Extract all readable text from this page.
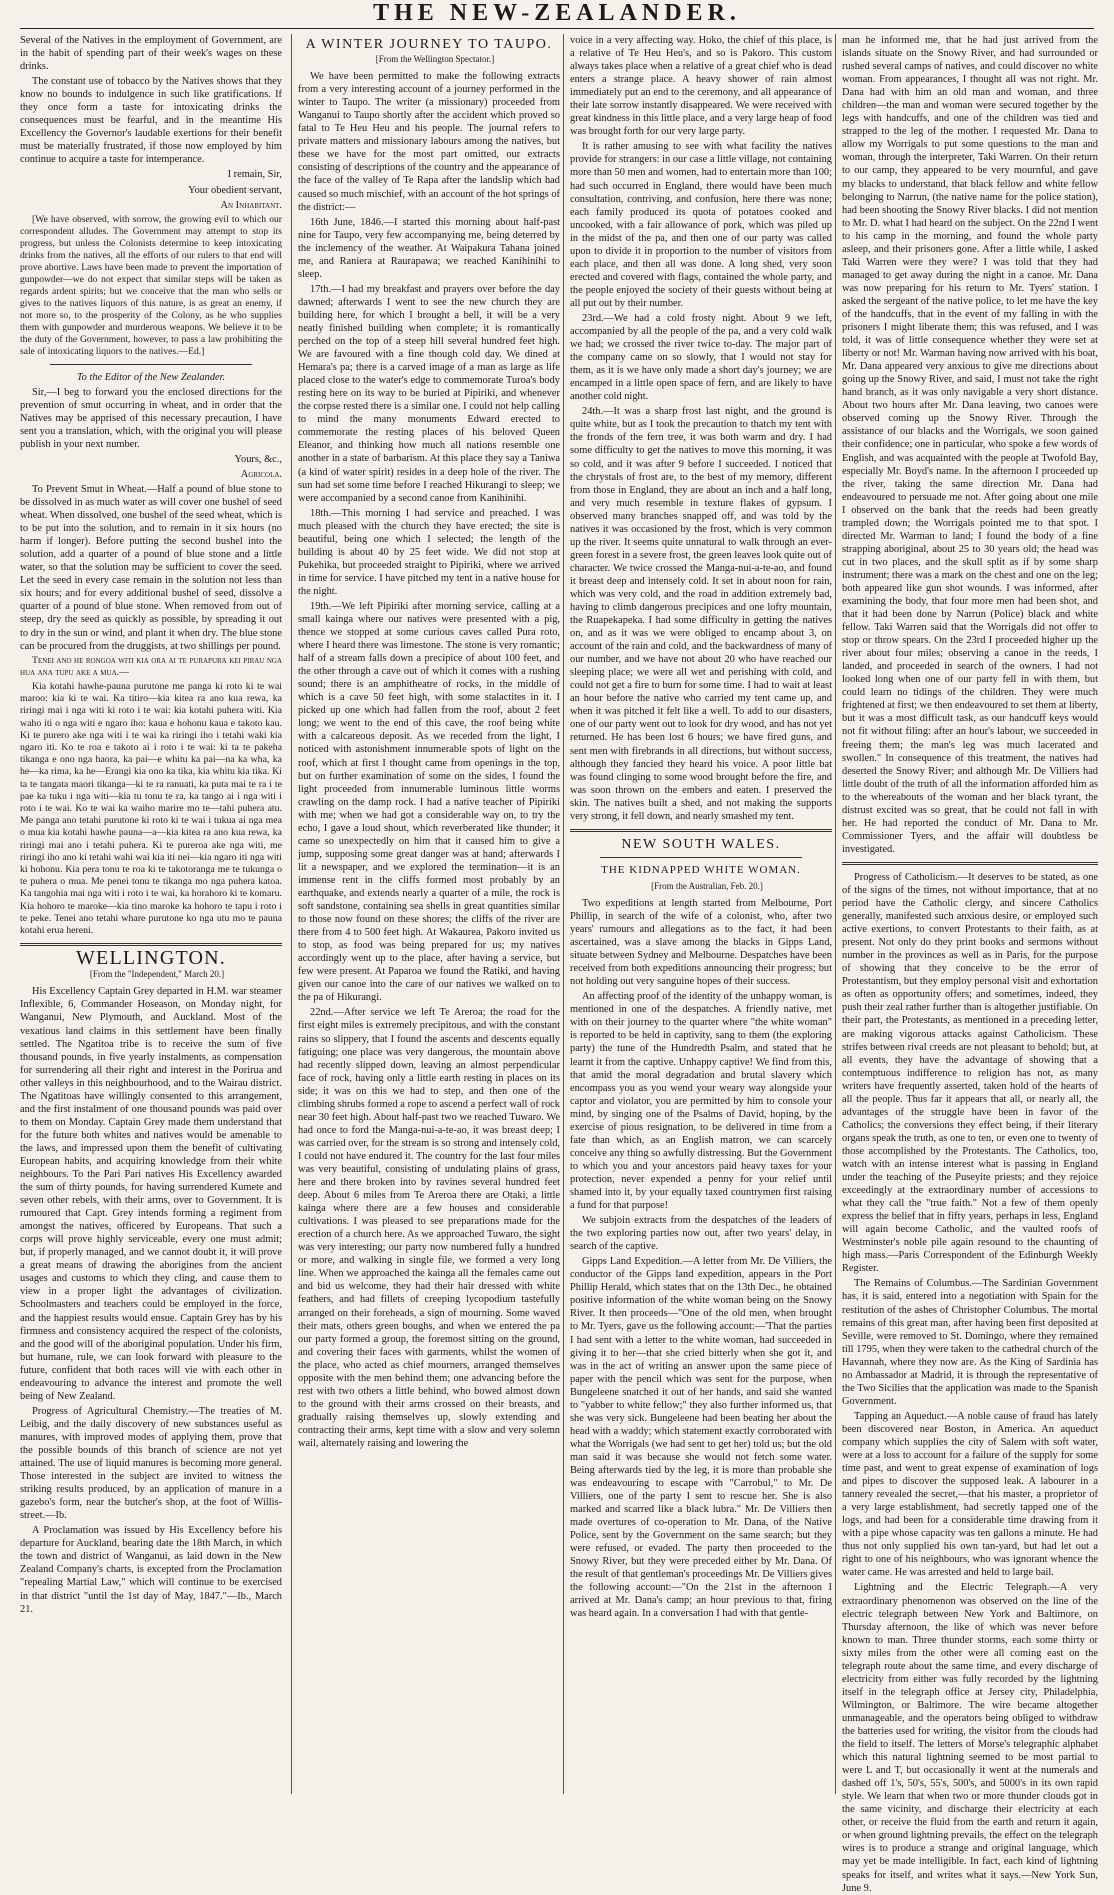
THE NEW-ZEALANDER.

Several of the Natives in the employment of Government, are in the habit of spending part of their week's wages on these drinks.

The constant use of tobacco by the Natives shows that they know no bounds to indulgence in such like gratifications. If they once form a taste for intoxicating drinks the consequences must be fearful, and in the meantime His Excellency the Governor's laudable exertions for their benefit must be materially frustrated, if those now employed by him continue to acquire a taste for intemperance.

I remain, Sir,

Your obedient servant,

An Inhabitant.

[We have observed, with sorrow, the growing evil to which our correspondent alludes. The Government may attempt to stop its progress, but unless the Colonists determine to keep intoxicating drinks from the natives, all the efforts of our rulers to that end will prove abortive. Laws have been made to prevent the importation of gunpowder—we do not expect that similar steps will be taken as regards ardent spirits; but we conceive that the man who sells or gives to the natives liquors of this nature, is as great an enemy, if not more so, to the prosperity of the Colony, as he who supplies them with gunpowder and murderous weapons. We believe it to be the duty of the Government, however, to pass a law prohibiting the sale of intoxicating liquors to the natives.—Ed.]

To the Editor of the New Zealander.

Sir,—I beg to forward you the enclosed directions for the prevention of smut occurring in wheat, and in order that the Natives may be apprised of this necessary precaution, I have sent you a translation, which, with the original you will please publish in your next number.

Yours, &c.,

Agricola.

To Prevent Smut in Wheat.—Half a pound of blue stone to be dissolved in as much water as will cover one bushel of seed wheat. When dissolved, one bushel of the seed wheat, which is to be put into the solution, and to remain in it six hours (no harm if longer). Before putting the second bushel into the solution, add a quarter of a pound of blue stone and a little water, so that the solution may be sufficient to cover the seed. Let the seed in every case remain in the solution not less than six hours; and for every additional bushel of seed, dissolve a quarter of a pound of blue stone. When removed from out of steep, dry the seed as quickly as possible, by spreading it out to dry in the sun or wind, and plant it when dry. The blue stone can be procured from the druggists, at two shillings per pound.

Tenei ano he rongoa witi kia ora ai te purapura kei pirau nga hua ana tupu ake a mua.—

Kia kotahi hawhe-pauna purutone me panga ki roto ki te wai maroo: kia ki te wai. Ka titiro—kia kitea ra ano kua rewa, ka riringi mai i nga witi ki roto i te wai: kia kotahi puhera witi. Kia waho iti o nga witi e ngaro iho: kaua e hohonu kaua e takoto kau. Ki te purero ake nga witi i te wai ka riringi iho i tetahi waki kia ngaro iti. Ko te roa e takoto ai i roto i te wai: ki ta te pakeha tikanga e ono nga haora, ka pai—e whitu ka pai—na ka wha, ka he—ka rima, ka he—Erangi kia ono ka tika, kia whitu kia tika. Ki ta te tangata maori tikanga—ki te ra ranuati, ka puta mai te ra i te pae ka tuku i nga witi—kia tu tonu te ra, ka tango ai i nga witi i roto i te wai. Ko te wai ka waiho marire mo te—tahi puhera atu. Me panga ano tetahi purutone ki roto ki te wai i tukua ai nga mea o mua kia kotahi hawhe pauna—a—kia kitea ra ano kua rewa, ka riringi mai ano i tetahi puhera. Ki te pureroa ake nga witi, me riringi iho ano ki tetahi wahi wai kia iti nei—kia ngaro iti nga witi ki hohonu. Kia pera tonu te roa ki te takotoranga me te tukunga o te puhera o mua. Me penei tonu te tikanga mo nga puhera katoa. Ka tangohia mai nga witi i roto i te wai, ka horahoro ki te komaru. Kia hohoro te maroke—kia tino maroke ka hohoro te tapu i roto i te peke. Tenei ano tetahi whare purutone ko nga utu mo te pauna kotahi erua hereni.

WELLINGTON.

[From the "Independent," March 20.]

His Excellency Captain Grey departed in H.M. war steamer Inflexible, 6, Commander Hoseason, on Monday night, for Wanganui, New Plymouth, and Auckland. Most of the vexatious land claims in this settlement have been finally settled. The Ngatitoa tribe is to receive the sum of five thousand pounds, in five yearly instalments, as compensation for surrendering all their right and interest in the Porirua and other valleys in this neighbourhood, and to the Wairau district. The Ngatitoas have willingly consented to this arrangement, and the first instalment of one thousand pounds was paid over to them on Monday. Captain Grey made them understand that for the future both whites and natives would be amenable to the laws, and impressed upon them the benefit of cultivating European habits, and acquiring knowledge from their white neighbours. To the Pari Pari natives His Excellency awarded the sum of thirty pounds, for having surrendered Kumete and seven other rebels, with their arms, over to Government. It is rumoured that Capt. Grey intends forming a regiment from amongst the natives, officered by Europeans. That such a corps will prove highly serviceable, every one must admit; but, if properly managed, and we cannot doubt it, it will prove a great means of drawing the aborigines from the ancient usages and customs to which they cling, and cause them to view in a proper light the advantages of civilization. Schoolmasters and teachers could be employed in the force, and the happiest results would ensue. Captain Grey has by his firmness and consistency acquired the respect of the colonists, and the good will of the aboriginal population. Under his firm, but humane, rule, we can look forward with pleasure to the future, confident that both races will vie with each other in endeavouring to advance the interest and promote the well being of New Zealand.

Progress of Agricultural Chemistry.—The treaties of M. Leibig, and the daily discovery of new substances useful as manures, with improved modes of applying them, prove that the possible bounds of this branch of science are not yet attained. The use of liquid manures is becoming more general. Those interested in the subject are invited to witness the striking results produced, by an application of manure in a gazebo's form, near the butcher's shop, at the foot of Willis-street.—Ib.

A Proclamation was issued by His Excellency before his departure for Auckland, bearing date the 18th March, in which the town and district of Wanganui, as laid down in the New Zealand Company's charts, is excepted from the Proclamation "repealing Martial Law," which will continue to be exercised in that district "until the 1st day of May, 1847."—Ib., March 21.

A WINTER JOURNEY TO TAUPO.

[From the Wellington Spectator.]

We have been permitted to make the following extracts from a very interesting account of a journey performed in the winter to Taupo. The writer (a missionary) proceeded from Wanganui to Taupo shortly after the accident which proved so fatal to Te Heu Heu and his people. The journal refers to private matters and missionary labours among the natives, but these we have for the most part omitted, our extracts consisting of descriptions of the country and the appearance of the face of the valley of Te Rapa after the landslip which had caused so much mischief, with an account of the hot springs of the district:—

16th June, 1846.—I started this morning about half-past nine for Taupo, very few accompanying me, being deterred by the inclemency of the weather. At Waipakura Tahana joined me, and Raniera at Raurapawa; we reached Kanihinihi to sleep.

17th.—I had my breakfast and prayers over before the day dawned; afterwards I went to see the new church they are building here, for which I brought a bell, it will be a very neatly finished building when complete; it is romantically perched on the top of a steep hill several hundred feet high. We are favoured with a fine though cold day. We dined at Hemara's pa; there is a carved image of a man as large as life placed close to the water's edge to commemorate Turoa's body resting here on its way to be buried at Pipiriki, and whenever the corpse rested there is a similar one. I could not help calling to mind the many monuments Edward erected to commemorate the resting places of his beloved Queen Eleanor, and thinking how much all nations resemble one another in a state of barbarism. At this place they say a Taniwa (a kind of water spirit) resides in a deep hole of the river. The sun had set some time before I reached Hikurangi to sleep; we were accompanied by a second canoe from Kanihinihi.

18th.—This morning I had service and preached. I was much pleased with the church they have erected; the site is beautiful, being one which I selected; the length of the building is about 40 by 25 feet wide. We did not stop at Pukehika, but proceeded straight to Pipiriki, where we arrived in time for service. I have pitched my tent in a native house for the night.

19th.—We left Pipiriki after morning service, calling at a small kainga where our natives were presented with a pig, thence we stopped at some curious caves called Pura roto, where I heard there was limestone. The stone is very romantic; half of a stream falls down a precipice of about 100 feet, and the other through a cave out of which it comes with a rushing sound; there is an amphitheatre of rocks, in the middle of which is a cave 50 feet high, with some stalactites in it. I picked up one which had fallen from the roof, about 2 feet long; we went to the end of this cave, the roof being white with a calcareous deposit. As we receded from the light, I noticed with astonishment innumerable spots of light on the roof, which at first I thought came from openings in the top, but on further examination of some on the sides, I found the light proceeded from innumerable luminous little worms crawling on the damp rock. I had a native teacher of Pipiriki with me; when we had got a considerable way on, to try the echo, I gave a loud shout, which reverberated like thunder; it came so unexpectedly on him that it caused him to give a jump, supposing some great danger was at hand; afterwards I lit a newspaper, and we explored the termination—it is an immense rent in the cliffs formed most probably by an earthquake, and extends nearly a quarter of a mile, the rock is soft sandstone, containing sea shells in great quantities similar to those now found on these shores; the cliffs of the river are there from 4 to 500 feet high. At Wakaurea, Pakoro invited us to stop, as food was being prepared for us; my natives accordingly went up to the place, after having a service, but few were present. At Paparoa we found the Ratiki, and having given our canoe into the care of our natives we walked on to the pa of Hikurangi.

22nd.—After service we left Te Areroa; the road for the first eight miles is extremely precipitous, and with the constant rains so slippery, that I found the ascents and descents equally fatiguing; one place was very dangerous, the mountain above had recently slipped down, leaving an almost perpendicular face of rock, having only a little earth resting in places on its side; it was on this we had to step, and then one of the climbing shrubs formed a rope to ascend a perfect wall of rock near 30 feet high. About half-past two we reached Tuwaro. We had once to ford the Manga-nui-a-te-ao, it was breast deep; I was carried over, for the stream is so strong and intensely cold, I could not have endured it. The country for the last four miles was very beautiful, consisting of undulating plains of grass, here and there broken into by ravines several hundred feet deep. About 6 miles from Te Areroa there are Otaki, a little kainga where there are a few houses and considerable cultivations. I was pleased to see preparations made for the erection of a church here. As we approached Tuwaro, the sight was very interesting; our party now numbered fully a hundred or more, and walking in single file, we formed a very long line. When we approached the kainga all the females came out and bid us welcome, they had their hair dressed with white feathers, and had fillets of creeping lycopodium tastefully arranged on their foreheads, a sign of mourning. Some waved their mats, others green boughs, and when we entered the pa our party formed a group, the foremost sitting on the ground, and covering their faces with garments, whilst the women of the place, who acted as chief mourners, arranged themselves opposite with the men behind them; one advancing before the rest with two others a little behind, who bowed almost down to the ground with their arms crossed on their breasts, and gradually raising themselves up, slowly extending and contracting their arms, kept time with a slow and very solemn wail, alternately raising and lowering the

voice in a very affecting way. Hoko, the chief of this place, is a relative of Te Heu Heu's, and so is Pakoro. This custom always takes place when a relative of a great chief who is dead enters a strange place. A heavy shower of rain almost immediately put an end to the ceremony, and all appearance of their late sorrow instantly disappeared. We were received with great kindness in this little place, and a very large heap of food was brought forth for our very large party.

It is rather amusing to see with what facility the natives provide for strangers: in our case a little village, not containing more than 50 men and women, had to entertain more than 100; had such occurred in England, there would have been much consultation, contriving, and confusion, here there was none; each family produced its quota of potatoes cooked and uncooked, with a fair allowance of pork, which was piled up in the midst of the pa, and then one of our party was called upon to divide it in proportion to the number of visitors from each place, and then all was done. A long shed, very soon erected and covered with flags, contained the whole party, and the people enjoyed the society of their guests without being at all put out by their number.

23rd.—We had a cold frosty night. About 9 we left, accompanied by all the people of the pa, and a very cold walk we had; we crossed the river twice to-day. The major part of the company came on so slowly, that I would not stay for them, as it is we have only made a short day's journey; we are encamped in a little open space of fern, and are likely to have another cold night.

24th.—It was a sharp frost last night, and the ground is quite white, but as I took the precaution to thatch my tent with the fronds of the fern tree, it was both warm and dry. I had some difficulty to get the natives to move this morning, it was so cold, and it was after 9 before I succeeded. I noticed that the chrystals of frost are, to the best of my memory, different from those in England, they are about an inch and a half long, and very much resemble in texture flakes of gypsum. I observed many branches snapped off, and was told by the natives it was occasioned by the frost, which is very common up the river. It seems quite unnatural to walk through an ever-green forest in a severe frost, the green leaves look quite out of character. We twice crossed the Manga-nui-a-te-ao, and found it breast deep and intensely cold. It set in about noon for rain, which was very cold, and the road in addition extremely bad, having to climb dangerous precipices and one lofty mountain, the Ruapekapeka. I had some difficulty in getting the natives on, and as it was we were obliged to encamp about 3, on account of the rain and cold, and the backwardness of many of our number, and we have not about 20 who have reached our sleeping place; we were all wet and perishing with cold, and could not get a fire to burn for some time. I had to wait at least an hour before the native who carried my tent came up, and when it was pitched it felt like a well. To add to our disasters, one of our party went out to look for dry wood, and has not yet returned. He has been lost 6 hours; we have fired guns, and sent men with firebrands in all directions, but without success, although they fancied they heard his voice. A poor little bat was found clinging to some wood brought before the fire, and was soon thrown on the embers and eaten. I preserved the skin. The natives built a shed, and not making the supports very strong, it fell down, and nearly smashed my tent.

NEW SOUTH WALES.
THE KIDNAPPED WHITE WOMAN.

[From the Australian, Feb. 20.]

Two expeditions at length started from Melbourne, Port Phillip, in search of the wife of a colonist, who, after two years' rumours and allegations as to the fact, it had been ascertained, was a slave among the blacks in Gipps Land, situate between Sydney and Melbourne. Despatches have been received from both expeditions announcing their progress; but not holding out very sanguine hopes of their success.

An affecting proof of the identity of the unhappy woman, is mentioned in one of the despatches. A friendly native, met with on their journey to the quarter where "the white woman" is reported to be held in captivity, sang to them (the exploring party) the tune of the Hundredth Psalm, and stated that he learnt it from the captive. Unhappy captive! We find from this, that amid the moral degradation and brutal slavery which encompass you as you wend your weary way alongside your captor and violator, you are permitted by him to console your mind, by singing one of the Psalms of David, hoping, by the exercise of pious resignation, to be delivered in time from a fate than which, as an English matron, we can scarcely conceive any thing so awfully distressing. But the Government to which you and your ancestors paid heavy taxes for your protection, never expended a penny for your relief until shamed into it, by your equally taxed countrymen first raising a fund for that purpose!

We subjoin extracts from the despatches of the leaders of the two exploring parties now out, after two years' delay, in search of the captive.

Gipps Land Expedition.—A letter from Mr. De Villiers, the conductor of the Gipps land expedition, appears in the Port Phillip Herald, which states that on the 13th Dec., he obtained positive information of the white woman being on the Snowy River. It then proceeds—"One of the old men, when brought to Mr. Tyers, gave us the following account:—'That the parties I had sent with a letter to the white woman, had succeeded in giving it to her—that she cried bitterly when she got it, and was in the act of writing an answer upon the same piece of paper with the pencil which was sent for the purpose, when Bungeleene snatched it out of her hands, and said she wanted to "yabber to white fellow;" they also further informed us, that she was very sick. Bungeleene had been beating her about the head with a waddy; which statement exactly corroborated with what the Worrigals (we had sent to get her) told us; but the old man said it was because she would not fetch some water. Being afterwards tied by the leg, it is more than probable she was endeavouring to escape with "Carrobul," to Mr. De Villiers, one of the party I sent to rescue her. She is also marked and scarred like a black lubra." Mr. De Villiers then made overtures of co-operation to Mr. Dana, of the Native Police, sent by the Government on the same search; but they were refused, or evaded. The party then proceeded to the Snowy River, but they were preceded either by Mr. Dana. Of the result of that gentleman's proceedings Mr. De Villiers gives the following account:—"On the 21st in the afternoon I arrived at Mr. Dana's camp; an hour previous to that, firing was heard again. In a conversation I had with that gentle-

man he informed me, that he had just arrived from the islands situate on the Snowy River, and had surrounded or rushed several camps of natives, and could discover no white woman. From appearances, I thought all was not right. Mr. Dana had with him an old man and woman, and three children—the man and woman were secured together by the legs with handcuffs, and one of the children was tied and strapped to the leg of the mother. I requested Mr. Dana to allow my Worrigals to put some questions to the man and woman, through the interpreter, Taki Warren. On their return to our camp, they appeared to be very mournful, and gave my blacks to understand, that black fellow and white fellow belonging to Narrun, (the native name for the police station), had been shooting the Snowy River blacks. I did not mention to Mr. D. what I had heard on the subject. On the 22nd I went to his camp in the morning, and found the whole party asleep, and their prisoners gone. After a little while, I asked Taki Warren were they were? I was told that they had managed to get away during the night in a canoe. Mr. Dana was now preparing for his return to Mr. Tyers' station. I asked the sergeant of the native police, to let me have the key of the handcuffs, that in the event of my falling in with the prisoners I might liberate them; this was refused, and I was told, it was of little consequence whether they were set at liberty or not! Mr. Warman having now arrived with his boat, Mr. Dana appeared very anxious to give me directions about going up the Snowy River, and said, I must not take the right hand branch, as it was only navigable a very short distance. About two hours after Mr. Dana leaving, two canoes were observed coming up the Snowy River. Through the assistance of our blacks and the Worrigals, we soon gained their confidence; one in particular, who spoke a few words of English, and was acquainted with the people at Twofold Bay, especially Mr. Boyd's name. In the afternoon I proceeded up the river, taking the same direction Mr. Dana had endeavoured to persuade me not. After going about one mile I observed on the bank that the reeds had been greatly trampled down; the Worrigals pointed me to that spot. I directed Mr. Warman to land; I found the body of a fine strapping aboriginal, about 25 to 30 years old; the head was cut in two places, and the skull split as if by some sharp instrument; there was a mark on the chest and one on the leg; both appeared like gun shot wounds. I was informed, after examining the body, that four more men had been shot, and that it had been done by Narrun (Police) black and white fellow. Taki Warren said that the Worrigals did not offer to stop or throw spears. On the 23rd I proceeded higher up the river about four miles; observing a canoe in the reeds, I landed, and proceeded in search of the owners. I had not looked long when one of our party fell in with them, but could learn no tidings of the children. They were much frightened at first; we then endeavoured to set them at liberty, but it was a most difficult task, as our handcuff keys would not fit without filing: after an hour's labour, we succeeded in freeing them; the man's leg was much lacerated and swollen." In consequence of this treatment, the natives had deserted the Snowy River; and although Mr. De Villiers had little doubt of the truth of all the information afforded him as to the whereabouts of the woman and her black tyrant, the distrust excited was so great, that he could not fall in with her. He had reported the conduct of Mr. Dana to Mr. Commissioner Tyers, and the affair will doubtless be investigated.

Progress of Catholicism.—It deserves to be stated, as one of the signs of the times, not without importance, that at no period have the Catholic clergy, and sincere Catholics generally, manifested such anxious desire, or employed such active exertions, to convert Protestants to their faith, as at present. Not only do they print books and sermons without number in the provinces as well as in Paris, for the purpose of showing that they conceive to be the error of Protestantism, but they employ personal visit and exhortation as often as opportunity offers; and sometimes, indeed, they push their zeal rather further than is altogether justifiable. On their part, the Protestants, as mentioned in a preceding letter, are making vigorous attacks against Catholicism. These strifes between rival creeds are not pleasant to behold; but, at all events, they have the advantage of showing that a contemptuous indifference to religion has not, as many writers have frequently asserted, taken hold of the hearts of all the people. Thus far it appears that all, or nearly all, the advantages of the struggle have been in favor of the Catholics; the conversions they effect being, if their literary organs speak the truth, as one to ten, or even one to twenty of those accomplished by the Protestants. The Catholics, too, watch with an intense interest what is passing in England under the teaching of the Puseyite priests; and they rejoice exceedingly at the extraordinary number of accessions to what they call the "true faith." Not a few of them openly express the belief that in fifty years, perhaps in less, England will again become Catholic, and the vaulted roofs of Westminster's noble pile again resound to the chaunting of high mass.—Paris Correspondent of the Edinburgh Weekly Register.

The Remains of Columbus.—The Sardinian Government has, it is said, entered into a negotiation with Spain for the restitution of the ashes of Christopher Columbus. The mortal remains of this great man, after having been first deposited at Seville, were removed to St. Domingo, where they remained till 1795, when they were taken to the cathedral church of the Havannah, where they now are. As the King of Sardinia has no Ambassador at Madrid, it is through the representative of the Two Sicilies that the application was made to the Spanish Government.

Tapping an Aqueduct.—A noble cause of fraud has lately been discovered near Boston, in America. An aqueduct company which supplies the city of Salem with soft water, were at a loss to account for a failure of the supply for some time past, and went to great expense of examination of logs and pipes to discover the supposed leak. A labourer in a tannery revealed the secret,—that his master, a proprietor of a very large establishment, had secretly tapped one of the logs, and had been for a considerable time drawing from it with a pipe whose capacity was ten gallons a minute. He had thus not only supplied his own tan-yard, but had let out a right to one of his neighbours, who was ignorant whence the water came. He was arrested and held to large bail.

Lightning and the Electric Telegraph.—A very extraordinary phenomenon was observed on the line of the electric telegraph between New York and Baltimore, on Thursday afternoon, the like of which was never before known to man. Three thunder storms, each some thirty or sixty miles from the other were all coming east on the telegraph route about the same time, and every discharge of electricity from either was fully recorded by the lightning itself in the telegraph office at Jersey city, Philadelphia, Wilmington, or Baltimore. The wire became altogether unmanageable, and the operators being obliged to withdraw the batteries used for writing, the visitor from the clouds had the field to itself. The letters of Morse's telegraphic alphabet which this natural lightning seemed to be most partial to were L and T, but occasionally it went at the numerals and dashed off 1's, 50's, 55's, 500's, and 5000's in its own rapid style. We learn that when two or more thunder clouds got in the same vicinity, and discharge their electricity at each other, or receive the fluid from the earth and return it again, or when ground lightning prevails, the effect on the telegraph wires is to produce a strange and original language, which may yet be made intelligible. In fact, each kind of lightning speaks for itself, and writes what it says.—New York Sun, June 9.
